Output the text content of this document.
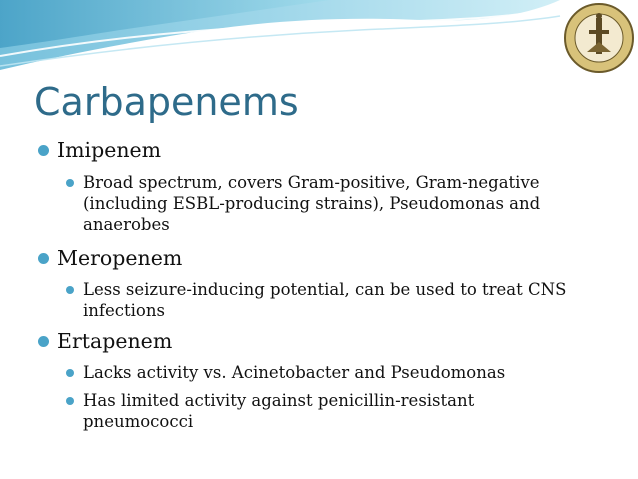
Carbapenems
Imipenem
Broad spectrum, covers Gram-positive, Gram-negative (including ESBL-producing strains), Pseudomonas and anaerobes
Meropenem
Less seizure-inducing potential, can be used to treat CNS infections
Ertapenem
Lacks activity vs. Acinetobacter and Pseudomonas
Has limited activity against penicillin-resistant pneumococci
